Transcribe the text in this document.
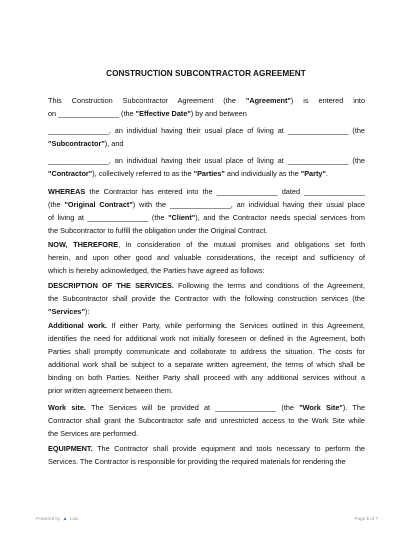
CONSTRUCTION SUBCONTRACTOR AGREEMENT
This Construction Subcontractor Agreement (the "Agreement") is entered into
on _______________ (the "Effective Date") by and between
_______________, an individual having their usual place of living at _______________ (the
"Subcontractor"), and
_______________, an individual having their usual place of living at _______________ (the
"Contractor"), collectively referred to as the "Parties" and individually as the "Party".
WHEREAS the Contractor has entered into the _______________ dated _______________
(the "Original Contract") with the _______________, an individual having their usual place
of living at _______________ (the "Client"), and the Contractor needs special services from
the Subcontractor to fulfill the obligation under the Original Contract.
NOW, THEREFORE, in consideration of the mutual promises and obligations set forth
herein, and upon other good and valuable considerations, the receipt and sufficiency of
which is hereby acknowledged, the Parties have agreed as follows:
DESCRIPTION OF THE SERVICES. Following the terms and conditions of the Agreement,
the Subcontractor shall provide the Contractor with the following construction services (the
"Services"):
Additional work. If either Party, while performing the Services outlined in this Agreement,
identifies the need for additional work not initially foreseen or defined in the Agreement, both
Parties shall promptly communicate and collaborate to address the situation. The costs for
additional work shall be subject to a separate written agreement, the terms of which shall be
binding on both Parties. Neither Party shall proceed with any additional services without a
prior written agreement between them.
Work site. The Services will be provided at _______________ (the "Work Site"). The
Contractor shall grant the Subcontractor safe and unrestricted access to the Work Site while
the Services are performed.
EQUIPMENT. The Contractor shall provide equipment and tools necessary to perform the
Services. The Contractor is responsible for providing the required materials for rendering the
Powered by ▲ Lulu	Page 1 of 7
